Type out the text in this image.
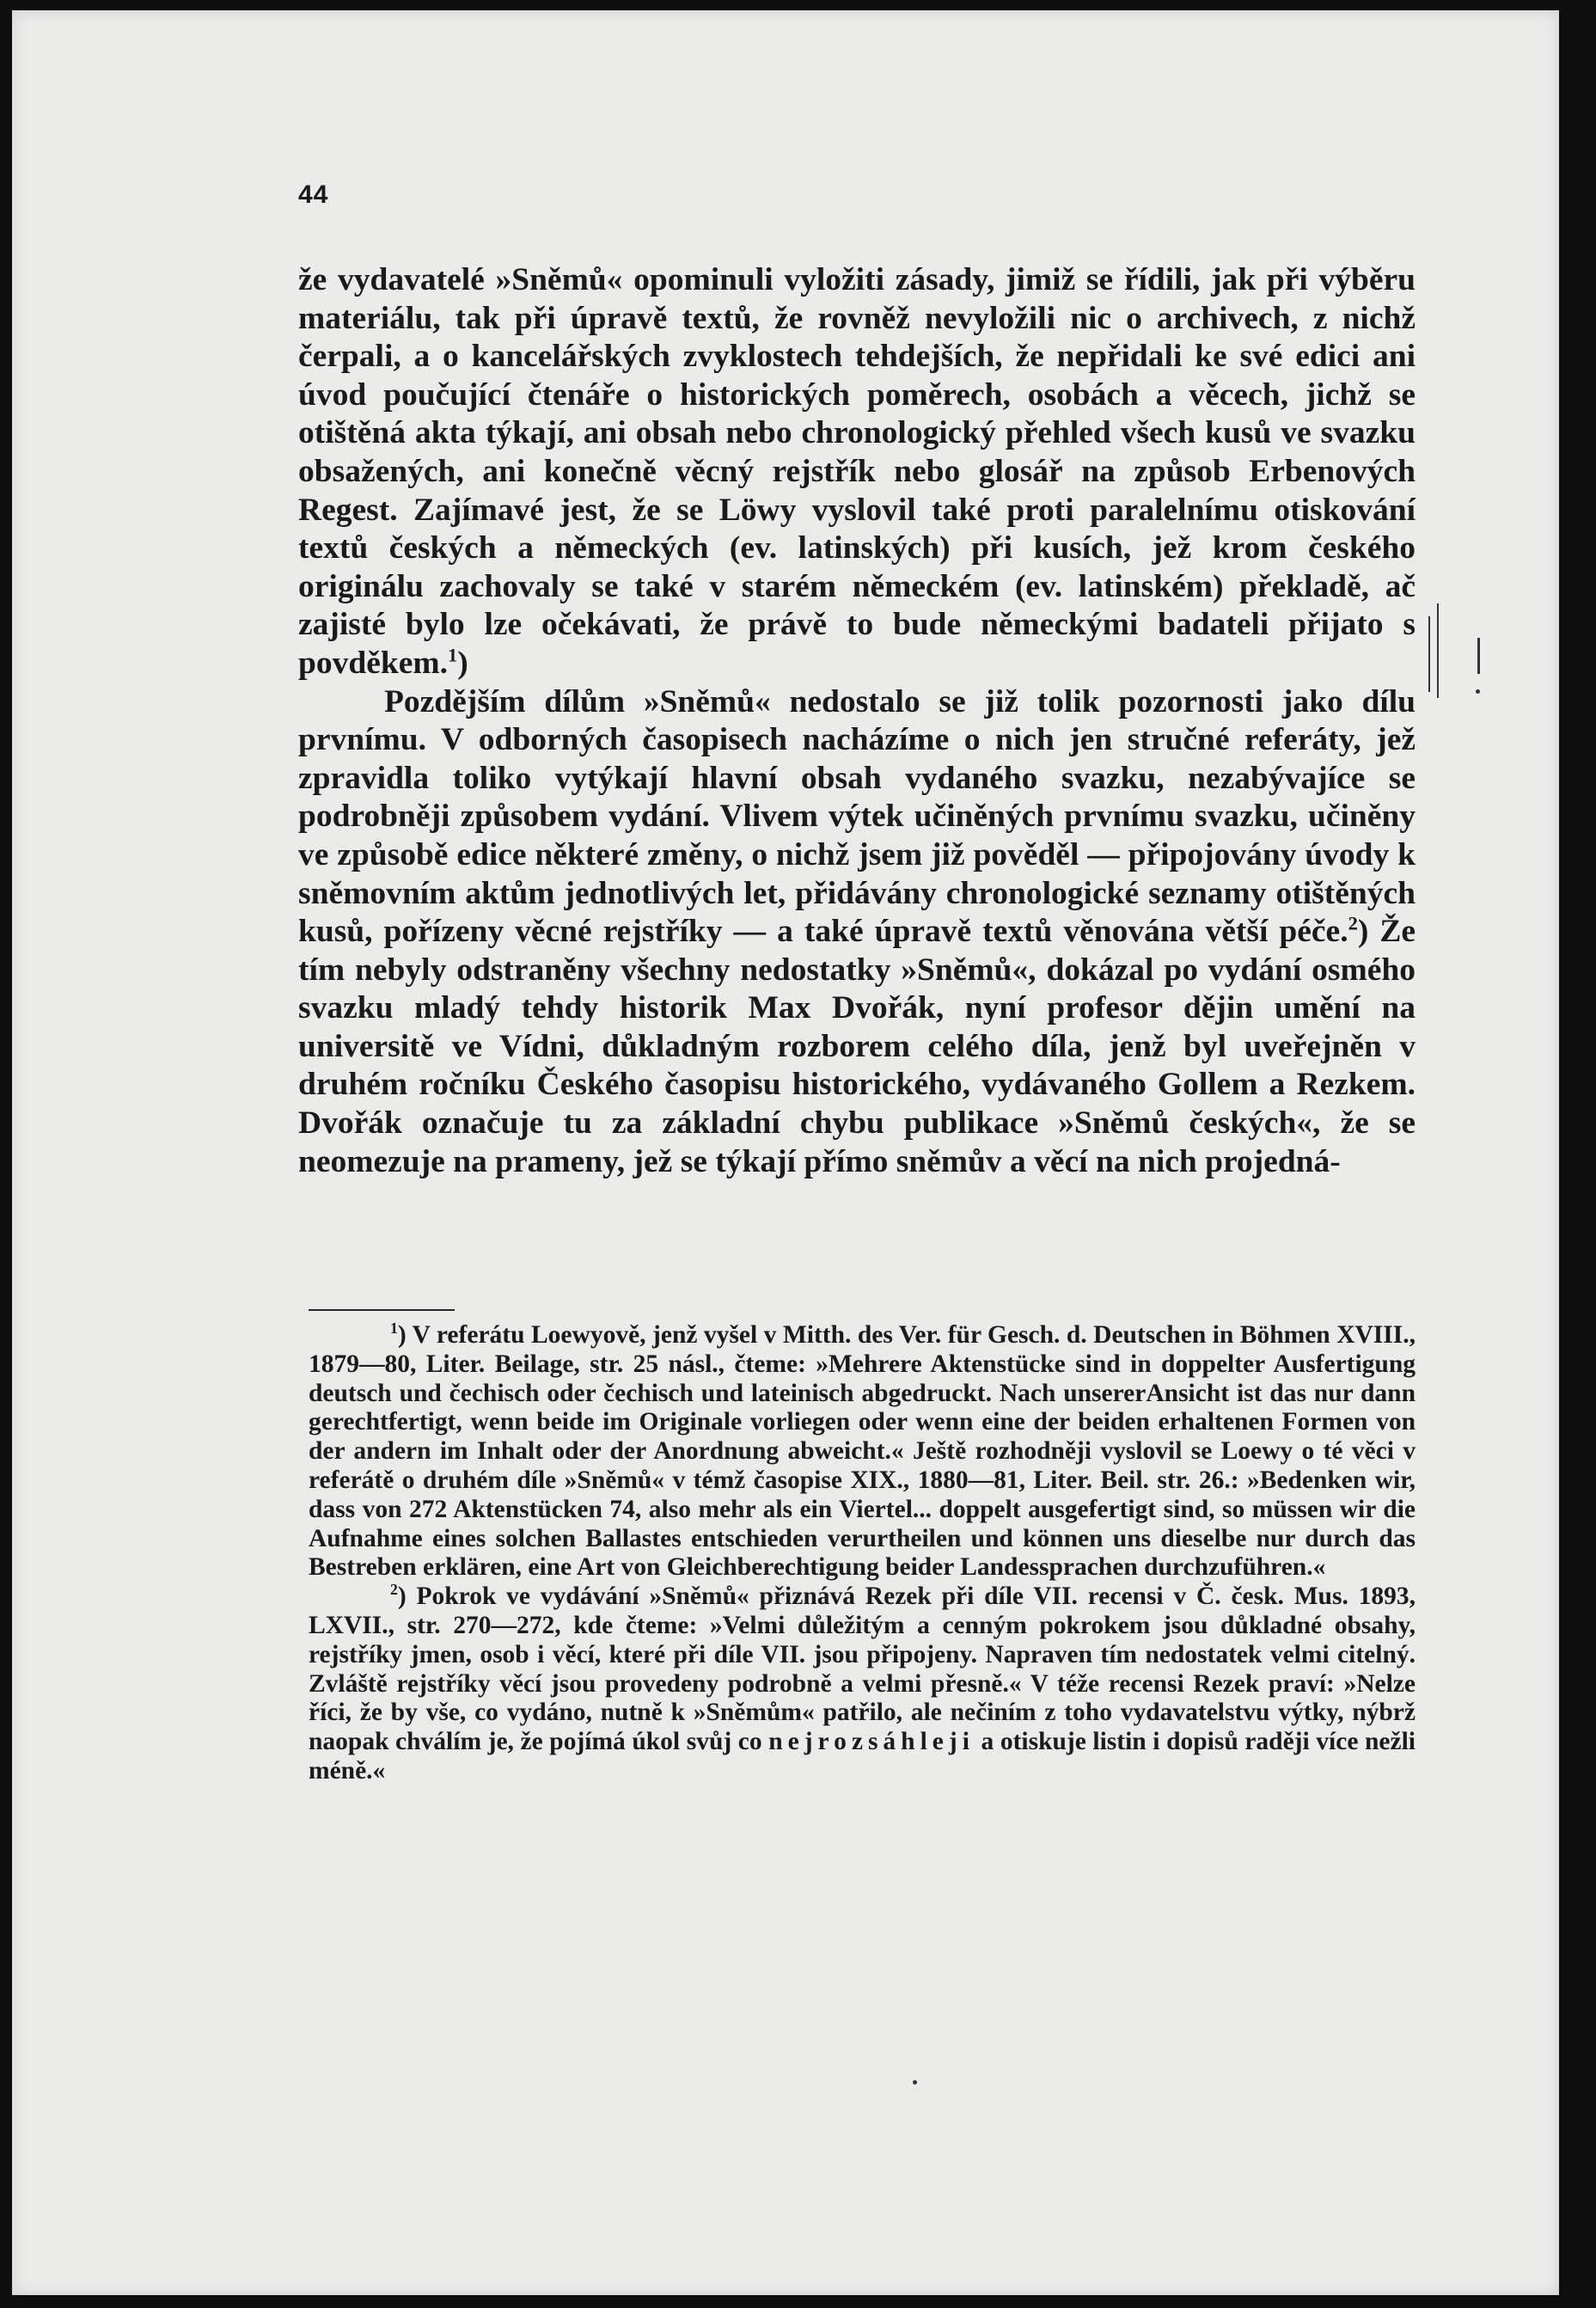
44

že vydavatelé »Sněmů« opominuli vyložiti zásady, jimiž se řídili, jak při výběru materiálu, tak při úpravě textů, že rovněž nevyložili nic o archivech, z nichž čerpali, a o kancelářských zvyklostech tehdejších, že nepřidali ke své edici ani úvod poučující čtenáře o historických poměrech, osobách a věcech, jichž se otištěná akta týkají, ani obsah nebo chronologický přehled všech kusů ve svazku obsažených, ani konečně věcný rejstřík nebo glosář na způsob Erbenových Regest. Zajímavé jest, že se Löwy vyslovil také proti paralelnímu otiskování textů českých a německých (ev. latinských) při kusích, jež krom českého originálu zachovaly se také v starém německém (ev. latinském) překladě, ač zajisté bylo lze očekávati, že právě to bude německými badateli přijato s povděkem.$^1$)

Pozdějším dílům »Sněmů« nedostalo se již tolik pozornosti jako dílu prvnímu. V odborných časopisech nacházíme o nich jen stručné referáty, jež zpravidla toliko vytýkají hlavní obsah vydaného svazku, nezabývajíce se podrobněji způsobem vydání. Vlivem výtek učiněných prvnímu svazku, učiněny ve způsobě edice některé změny, o nichž jsem již pověděl — připojovány úvody k sněmovním aktům jednotlivých let, přidávány chronologické seznamy otištěných kusů, pořízeny věcné rejstříky — a také úpravě textů věnována větší péče.$^2$) Že tím nebyly odstraněny všechny nedostatky »Sněmů«, dokázal po vydání osmého svazku mladý tehdy historik Max Dvořák, nyní profesor dějin umění na universitě ve Vídni, důkladným rozborem celého díla, jenž byl uveřejněn v druhém ročníku Českého časopisu historického, vydávaného Gollem a Rezkem. Dvořák označuje tu za základní chybu publikace »Sněmů českých«, že se neomezuje na prameny, jež se týkají přímo sněmův a věcí na nich projedná-

$^1$) V referátu Loewyově, jenž vyšel v Mitth. des Ver. für Gesch. d. Deutschen in Böhmen XVIII., 1879—80, Liter. Beilage, str. 25 násl., čteme: »Mehrere Aktenstücke sind in doppelter Ausfertigung deutsch und čechisch oder čechisch und lateinisch abgedruckt. Nach unsererAnsicht ist das nur dann gerechtfertigt, wenn beide im Originale vorliegen oder wenn eine der beiden erhaltenen Formen von der andern im Inhalt oder der Anordnung abweicht.« Ještě rozhodněji vyslovil se Loewy o té věci v referátě o druhém díle »Sněmů« v témž časopise XIX., 1880—81, Liter. Beil. str. 26.: »Bedenken wir, dass von 272 Aktenstücken 74, also mehr als ein Viertel... doppelt ausgefertigt sind, so müssen wir die Aufnahme eines solchen Ballastes entschieden verurtheilen und können uns dieselbe nur durch das Bestreben erklären, eine Art von Gleichberechtigung beider Landessprachen durchzuführen.«

$^2$) Pokrok ve vydávání »Sněmů« přiznává Rezek při díle VII. recensi v Č. česk. Mus. 1893, LXVII., str. 270—272, kde čteme: »Velmi důležitým a cenným pokrokem jsou důkladné obsahy, rejstříky jmen, osob i věcí, které při díle VII. jsou připojeny. Napraven tím nedostatek velmi citelný. Zvláště rejstříky věcí jsou provedeny podrobně a velmi přesně.« V téže recensi Rezek praví: »Nelze říci, že by vše, co vydáno, nutně k »Sněmům« patřilo, ale nečiním z toho vydavatelstvu výtky, nýbrž naopak chválím je, že pojímá úkol svůj co nejrozsáhleji a otiskuje listin i dopisů raději více nežli méně.«
